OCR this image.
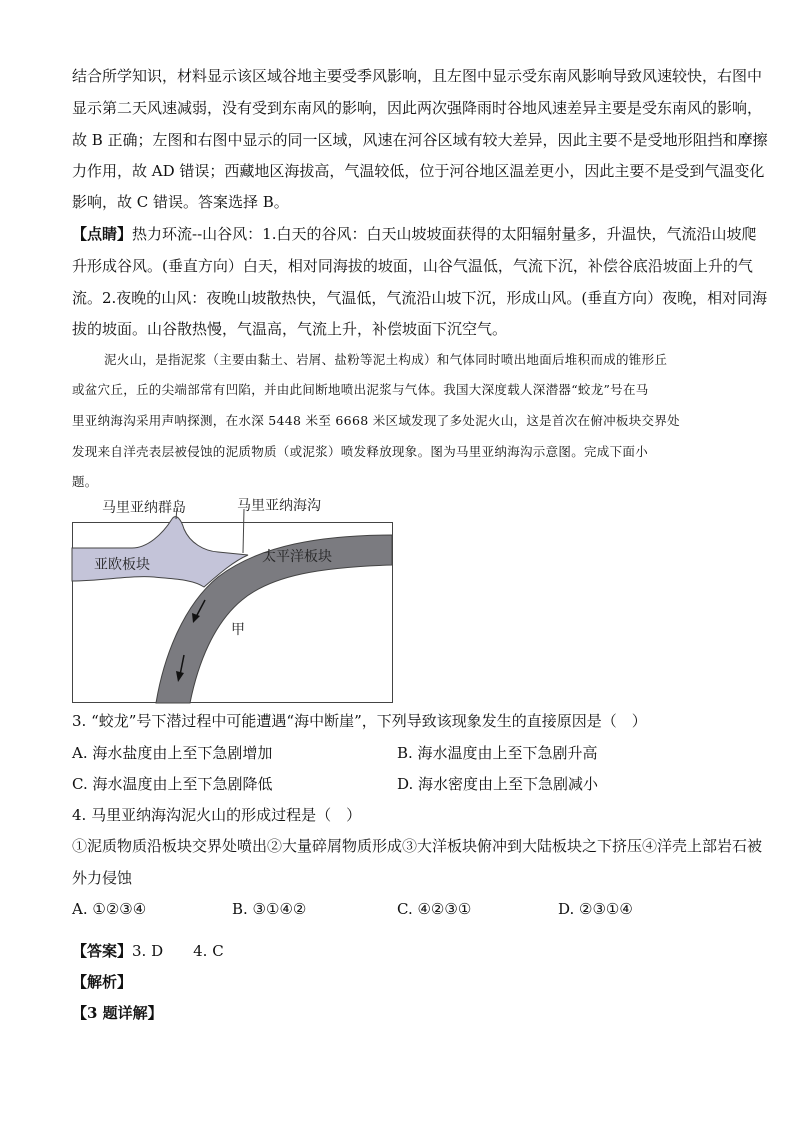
结合所学知识，材料显示该区域谷地主要受季风影响，且左图中显示受东南风影响导致风速较快，右图中
显示第二天风速减弱，没有受到东南风的影响，因此两次强降雨时谷地风速差异主要是受东南风的影响，
故 B 正确；左图和右图中显示的同一区域，风速在河谷区域有较大差异，因此主要不是受地形阻挡和摩擦
力作用，故 AD 错误；西藏地区海拔高，气温较低，位于河谷地区温差更小，因此主要不是受到气温变化
影响，故 C 错误。答案选择 B。
【点睛】热力环流--山谷风：1.白天的谷风：白天山坡坡面获得的太阳辐射量多，升温快，气流沿山坡爬
升形成谷风。(垂直方向）白天，相对同海拔的坡面，山谷气温低，气流下沉，补偿谷底沿坡面上升的气
流。2.夜晚的山风：夜晚山坡散热快，气温低，气流沿山坡下沉，形成山风。(垂直方向）夜晚，相对同海
拔的坡面。山谷散热慢，气温高，气流上升，补偿坡面下沉空气。
泥火山，是指泥浆（主要由黏土、岩屑、盐粉等泥土构成）和气体同时喷出地面后堆积而成的锥形丘
或盆穴丘，丘的尖端部常有凹陷，并由此间断地喷出泥浆与气体。我国大深度载人深潜器“蛟龙”号在马
里亚纳海沟采用声呐探测，在水深 5448 米至 6668 米区域发现了多处泥火山，这是首次在俯冲板块交界处
发现来自洋壳表层被侵蚀的泥质物质（或泥浆）喷发释放现象。图为马里亚纳海沟示意图。完成下面小
题。
马里亚纳群岛	马里亚纳海沟
亚欧板块	太平洋板块
甲
3. “蛟龙”号下潜过程中可能遭遇“海中断崖”，下列导致该现象发生的直接原因是（　）
A. 海水盐度由上至下急剧增加	B. 海水温度由上至下急剧升高
C. 海水温度由上至下急剧降低	D. 海水密度由上至下急剧减小
4. 马里亚纳海沟泥火山的形成过程是（　）
①泥质物质沿板块交界处喷出②大量碎屑物质形成③大洋板块俯冲到大陆板块之下挤压④洋壳上部岩石被
外力侵蚀
A. ①②③④	B. ③①④②	C. ④②③①	D. ②③①④
【答案】3. D　　4. C
【解析】
【3 题详解】
